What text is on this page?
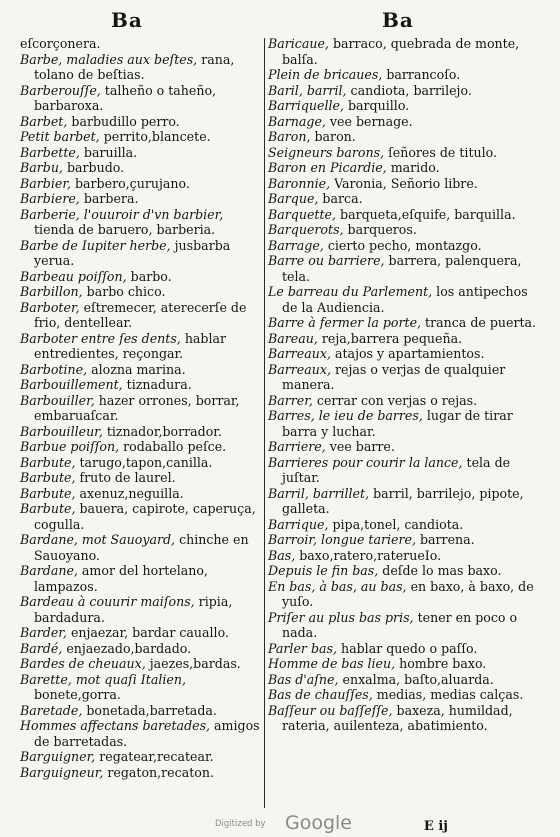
Ba	Ba
eſcorçonera.
Barbe, maladies aux beſtes, rana, tolano de beſtias.
Barberouſſe, talheño o taheño, barbaroxa.
Barbet, barbudillo perro.
Petit barbet, perrito,blancete.
Barbette, baruilla.
Barbu, barbudo.
Barbier, barbero,çurujano.
Barbiere, barbera.
Barberie, l'ouuroir d'vn barbier, tienda de baruero, barberia.
Barbe de Iupiter herbe, jusbarba yerua.
Barbeau poiſſon, barbo.
Barbillon, barbo chico.
Barboter, eſtremecer, aterecerſe de frio, dentellear.
Barboter entre ſes dents, hablar entredientes, reçongar.
Barbotine, alozna marina.
Barbouillement, tiznadura.
Barbouiller, hazer orrones, borrar, embaruaſcar.
Barbouilleur, tiznador,borrador.
Barbue poiſſon, rodaballo peſce.
Barbute, tarugo,tapon,canilla.
Barbute, fruto de laurel.
Barbute, axenuz,neguilla.
Barbute, bauera, capirote, caperuça, cogulla.
Bardane, mot Sauoyard, chinche en Sauoyano.
Bardane, amor del hortelano, lampazos.
Bardeau à couurir maiſons, ripia, bardadura.
Barder, enjaezar, bardar cauallo.
Bardé, enjaezado,bardado.
Bardes de cheuaux, jaezes,bardas.
Barette, mot quaſi Italien, bonete,gorra.
Baretade, bonetada,barretada.
Hommes affectans baretades, amigos de barretadas.
Barguigner, regatear,recatear.
Barguigneur, regaton,recaton.
Baricaue, barraco, quebrada de monte, balſa.
Plein de bricaues, barrancoſo.
Baril, barril, candiota, barrilejo.
Barriquelle, barquillo.
Barnage, vee bernage.
Baron, baron.
Seigneurs barons, ſeñores de titulo.
Baron en Picardie, marido.
Baronnie, Varonia, Señorio libre.
Barque, barca.
Barquette, barqueta,eſquife, barquilla.
Barquerots, barqueros.
Barrage, cierto pecho, montazgo.
Barre ou barriere, barrera, palenquera, tela.
Le barreau du Parlement, los antipechos de la Audiencia.
Barre à fermer la porte, tranca de puerta.
Bareau, reja,barrera pequeña.
Barreaux, atajos y apartamientos.
Barreaux, rejas o verjas de qualquier manera.
Barrer, cerrar con verjas o rejas.
Barres, le ieu de barres, lugar de tirar barra y luchar.
Barriere, vee barre.
Barrieres pour courir la lance, tela de juſtar.
Barril, barrillet, barril, barrilejo, pipote, galleta.
Barrique, pipa,tonel, candiota.
Barroir, longue tariere, barrena.
Bas, baxo,ratero,raterueIo.
Depuis le fin bas, deſde lo mas baxo.
En bas, à bas, au bas, en baxo, à baxo, de yuſo.
Priſer au plus bas pris, tener en poco o nada.
Parler bas, hablar quedo o paſſo.
Homme de bas lieu, hombre baxo.
Bas d'aſne, enxalma, baſto,aluarda.
Bas de chauſſes, medias, medias calças.
Baſſeur ou baſſeſſe, baxeza, humildad, rateria, auilenteza, abatimiento.
Digitized by Google	E ij
